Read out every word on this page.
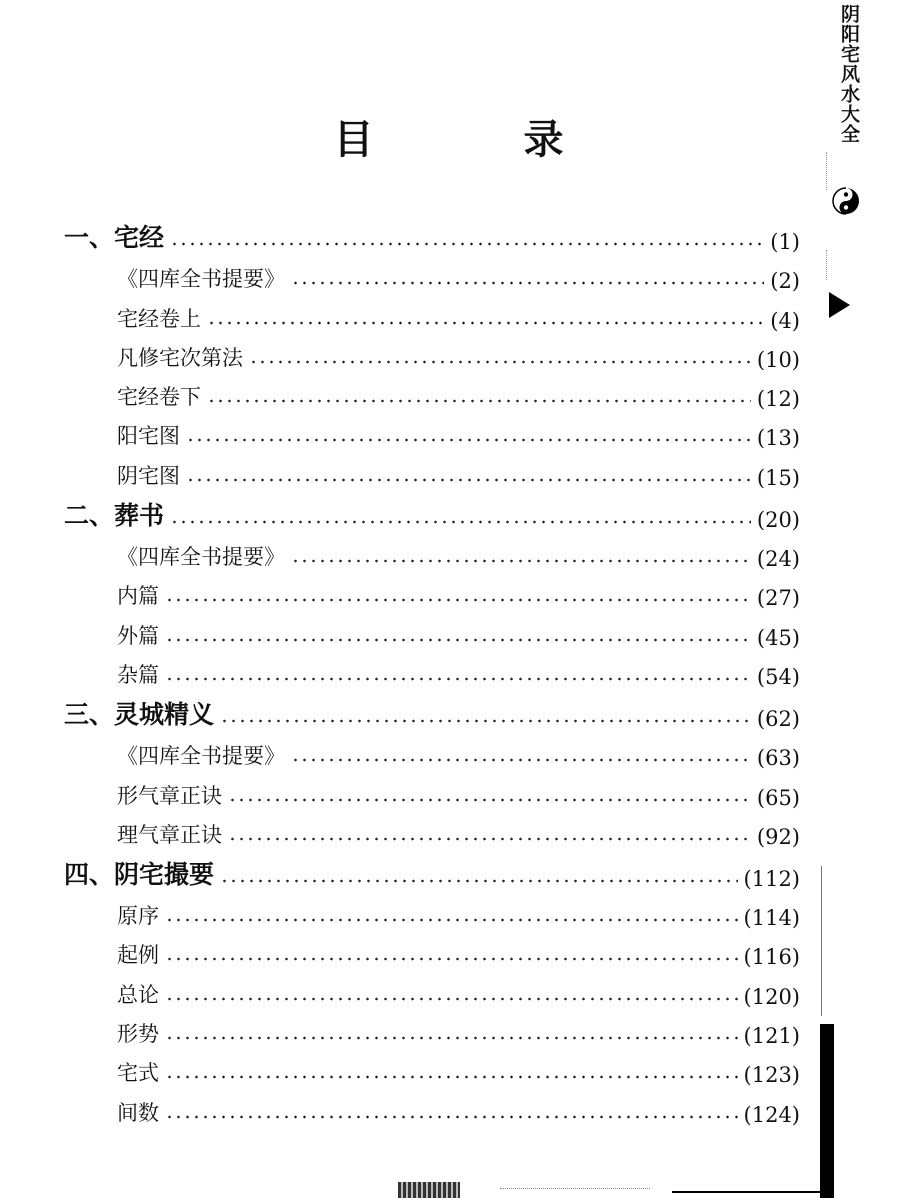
目 录	阴阳宅风水大全
一、宅经	(1)
《四库全书提要》	(2)
宅经卷上	(4)
凡修宅次第法	(10)
宅经卷下	(12)
阳宅图	(13)
阴宅图	(15)
二、葬书	(20)
《四库全书提要》	(24)
内篇	(27)
外篇	(45)
杂篇	(54)
三、灵城精义	(62)
《四库全书提要》	(63)
形气章正诀	(65)
理气章正诀	(92)
四、阴宅撮要	(112)
原序	(114)
起例	(116)
总论	(120)
形势	(121)
宅式	(123)
间数	(124)
